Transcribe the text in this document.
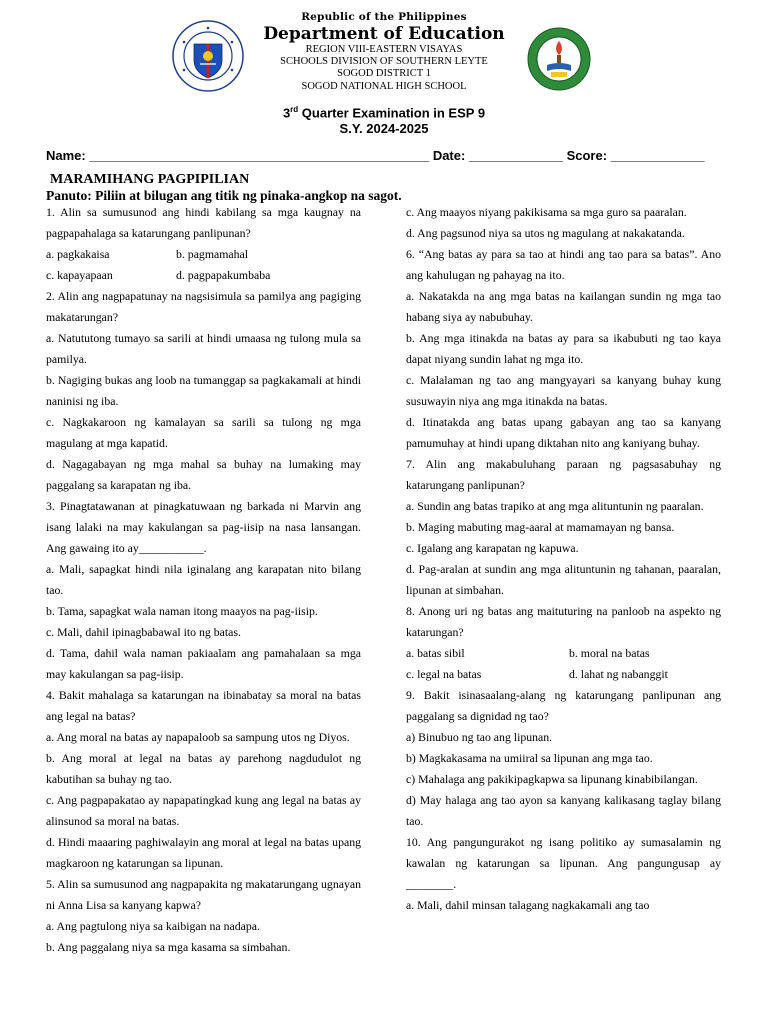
Republic of the Philippines
Department of Education
REGION VIII-EASTERN VISAYAS
SCHOOLS DIVISION OF SOUTHERN LEYTE
SOGOD DISTRICT 1
SOGOD NATIONAL HIGH SCHOOL
3rd Quarter Examination in ESP 9
S.Y. 2024-2025
Name: _______________________________________________ Date: _____________ Score: _____________
MARAMIHANG PAGPIPILIAN
Panuto: Piliin at bilugan ang titik ng pinaka-angkop na sagot.

1. Alin sa sumusunod ang hindi kabilang sa mga kaugnay na pagpapahalaga sa katarungang panlipunan?

a. pagkakaisa	b. pagmamahal
c. kapayapaan	d. pagpapakumbaba

2. Alin ang nagpapatunay na nagsisimula sa pamilya ang pagiging makatarungan?

a. Natututong tumayo sa sarili at hindi umaasa ng tulong mula sa pamilya.

b. Nagiging bukas ang loob na tumanggap sa pagkakamali at hindi naninisi ng iba.

c. Nagkakaroon ng kamalayan sa sarili sa tulong ng mga magulang at mga kapatid.

d. Nagagabayan ng mga mahal sa buhay na lumaking may paggalang sa karapatan ng iba.

3. Pinagtatawanan at pinagkatuwaan ng barkada ni Marvin ang isang lalaki na may kakulangan sa pag-iisip na nasa lansangan. Ang gawaing ito ay___________.

a. Mali, sapagkat hindi nila iginalang ang karapatan nito bilang tao.

b. Tama, sapagkat wala naman itong maayos na pag-iisip.

c. Mali, dahil ipinagbabawal ito ng batas.

d. Tama, dahil wala naman pakiaalam ang pamahalaan sa mga may kakulangan sa pag-iisip.

4. Bakit mahalaga sa katarungan na ibinabatay sa moral na batas ang legal na batas?

a. Ang moral na batas ay napapaloob sa sampung utos ng Diyos.

b. Ang moral at legal na batas ay parehong nagdudulot ng kabutihan sa buhay ng tao.

c. Ang pagpapakatao ay napapatingkad kung ang legal na batas ay alinsunod sa moral na batas.

d. Hindi maaaring paghiwalayin ang moral at legal na batas upang magkaroon ng katarungan sa lipunan.

5. Alin sa sumusunod ang nagpapakita ng makatarungang ugnayan ni Anna Lisa sa kanyang kapwa?

a. Ang pagtulong niya sa kaibigan na nadapa.

b. Ang paggalang niya sa mga kasama sa simbahan.

c. Ang maayos niyang pakikisama sa mga guro sa paaralan.

d. Ang pagsunod niya sa utos ng magulang at nakakatanda.

6. “Ang batas ay para sa tao at hindi ang tao para sa batas”. Ano ang kahulugan ng pahayag na ito.

a. Nakatakda na ang mga batas na kailangan sundin ng mga tao habang siya ay nabubuhay.

b. Ang mga itinakda na batas ay para sa ikabubuti ng tao kaya dapat niyang sundin lahat ng mga ito.

c. Malalaman ng tao ang mangyayari sa kanyang buhay kung susuwayin niya ang mga itinakda na batas.

d. Itinatakda ang batas upang gabayan ang tao sa kanyang pamumuhay at hindi upang diktahan nito ang kaniyang buhay.

7. Alin ang makabuluhang paraan ng pagsasabuhay ng katarungang panlipunan?

a. Sundin ang batas trapiko at ang mga alituntunin ng paaralan.

b. Maging mabuting mag-aaral at mamamayan ng bansa.

c. Igalang ang karapatan ng kapuwa.

d. Pag-aralan at sundin ang mga alituntunin ng tahanan, paaralan, lipunan at simbahan.

8. Anong uri ng batas ang maituturing na panloob na aspekto ng katarungan?

a. batas sibil	b. moral na batas
c. legal na batas	d. lahat ng nabanggit

9. Bakit isinasaalang-alang ng katarungang panlipunan ang paggalang sa dignidad ng tao?

a) Binubuo ng tao ang lipunan.

b) Magkakasama na umiiral sa lipunan ang mga tao.

c) Mahalaga ang pakikipagkapwa sa lipunang kinabibilangan.

d) May halaga ang tao ayon sa kanyang kalikasang taglay bilang tao.

10. Ang pangungurakot ng isang politiko ay sumasalamin ng kawalan ng katarungan sa lipunan. Ang pangungusap ay ________.

a. Mali, dahil minsan talagang nagkakamali ang tao
